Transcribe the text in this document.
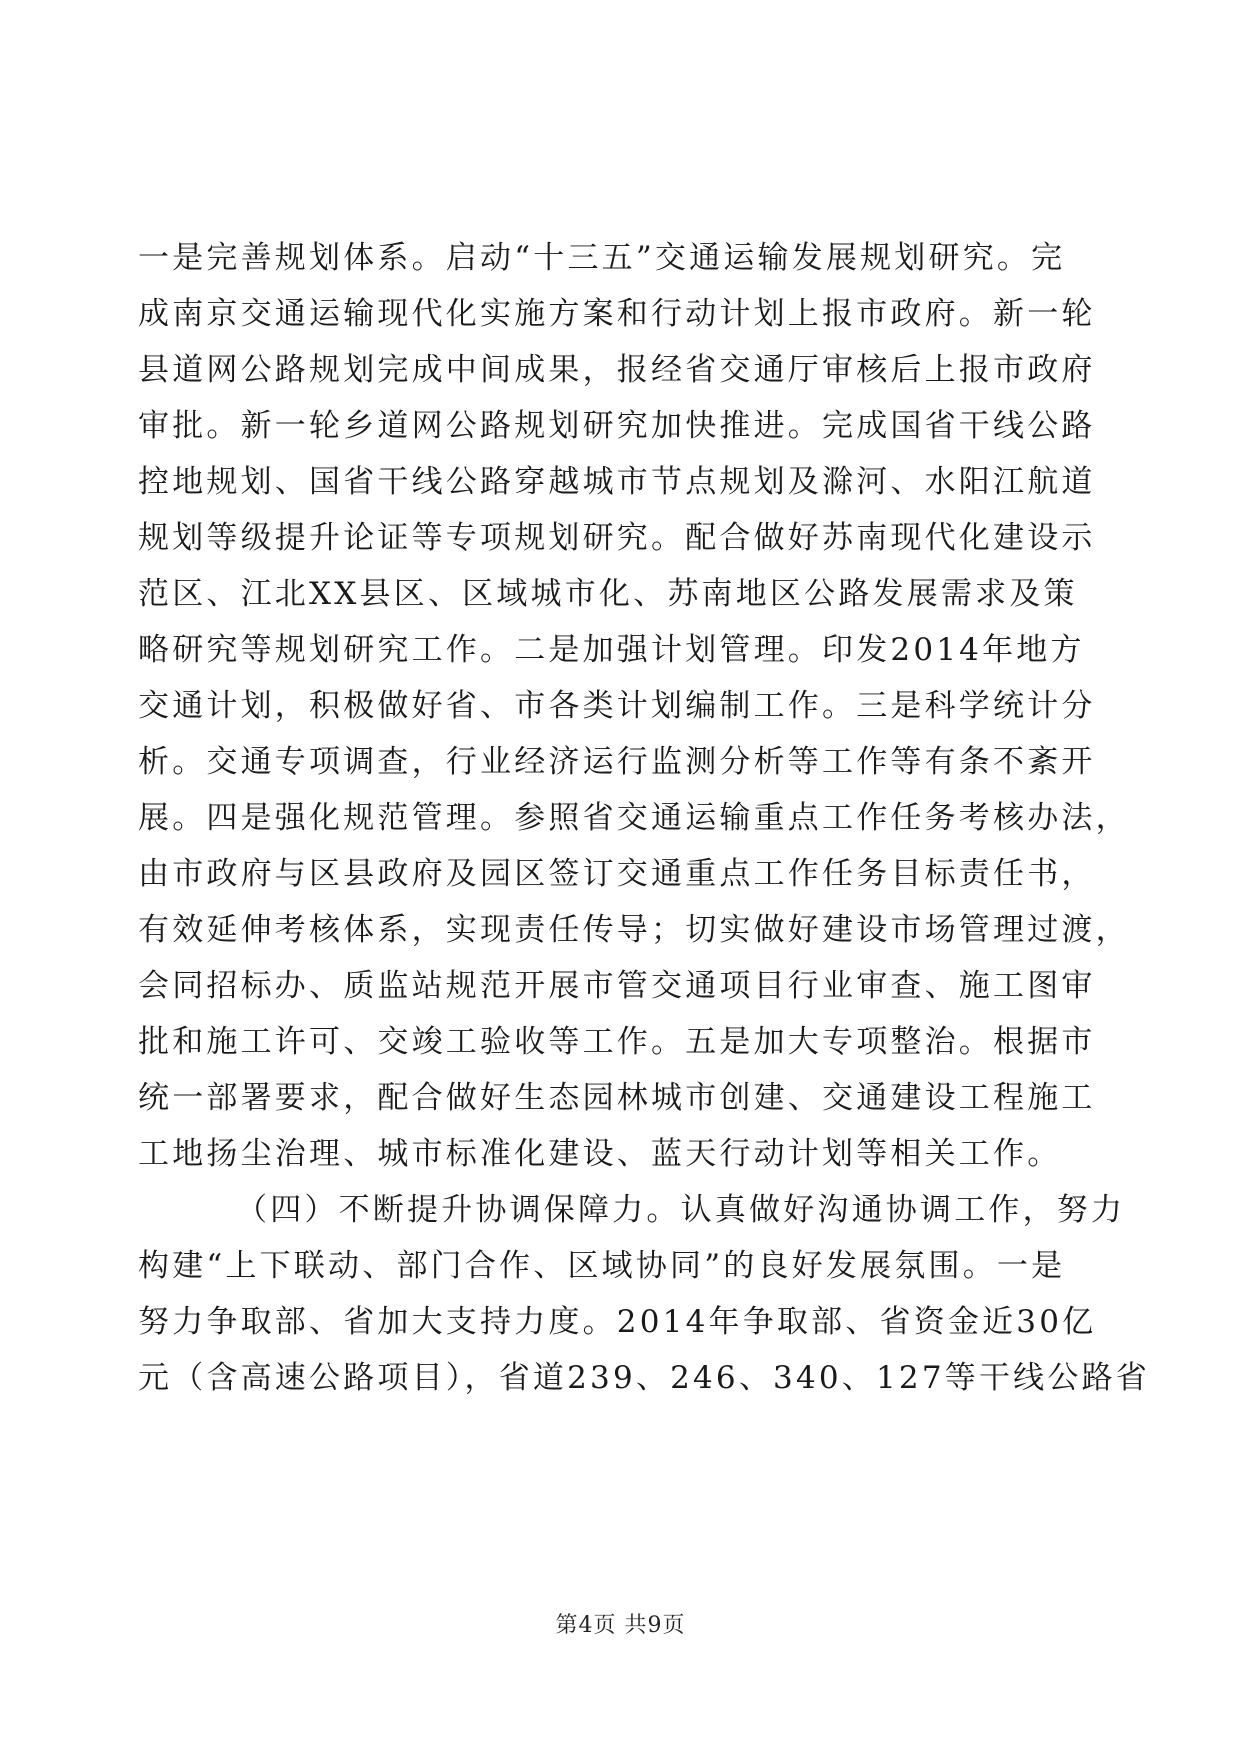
一是完善规划体系。启动“十三五”交通运输发展规划研究。完
成南京交通运输现代化实施方案和行动计划上报市政府。新一轮
县道网公路规划完成中间成果，报经省交通厅审核后上报市政府
审批。新一轮乡道网公路规划研究加快推进。完成国省干线公路
控地规划、国省干线公路穿越城市节点规划及滁河、水阳江航道
规划等级提升论证等专项规划研究。配合做好苏南现代化建设示
范区、江北XX县区、区域城市化、苏南地区公路发展需求及策
略研究等规划研究工作。二是加强计划管理。印发2014年地方
交通计划，积极做好省、市各类计划编制工作。三是科学统计分
析。交通专项调查，行业经济运行监测分析等工作等有条不紊开
展。四是强化规范管理。参照省交通运输重点工作任务考核办法，
由市政府与区县政府及园区签订交通重点工作任务目标责任书，
有效延伸考核体系，实现责任传导；切实做好建设市场管理过渡，
会同招标办、质监站规范开展市管交通项目行业审查、施工图审
批和施工许可、交竣工验收等工作。五是加大专项整治。根据市
统一部署要求，配合做好生态园林城市创建、交通建设工程施工
工地扬尘治理、城市标准化建设、蓝天行动计划等相关工作。
（四）不断提升协调保障力。认真做好沟通协调工作，努力
构建“上下联动、部门合作、区域协同”的良好发展氛围。一是
努力争取部、省加大支持力度。2014年争取部、省资金近30亿
元（含高速公路项目），省道239、246、340、127等干线公路省
第4页 共9页
